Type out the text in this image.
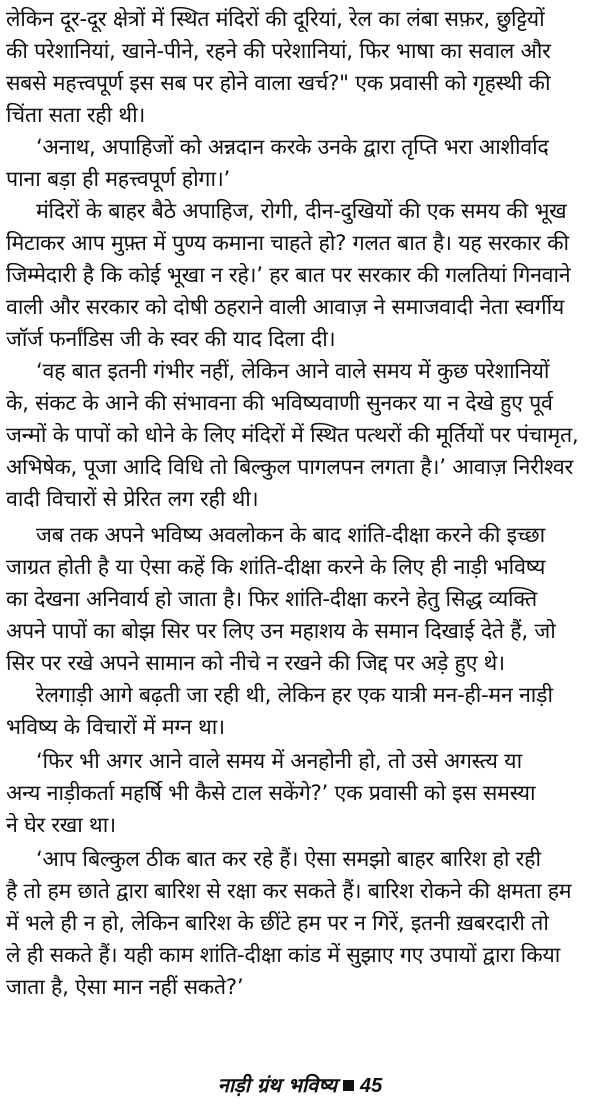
लेकिन दूर-दूर क्षेत्रों में स्थित मंदिरों की दूरियां, रेल का लंबा सफ़र, छुट्टियों
की परेशानियां, खाने-पीने, रहने की परेशानियां, फिर भाषा का सवाल और
सबसे महत्त्वपूर्ण इस सब पर होने वाला खर्च?" एक प्रवासी को गृहस्थी की
चिंता सता रही थी।
‘अनाथ, अपाहिजों को अन्नदान करके उनके द्वारा तृप्ति भरा आशीर्वाद
पाना बड़ा ही महत्त्वपूर्ण होगा।’
मंदिरों के बाहर बैठे अपाहिज, रोगी, दीन-दुखियों की एक समय की भूख
मिटाकर आप मुफ़्त में पुण्य कमाना चाहते हो? गलत बात है। यह सरकार की
जिम्मेदारी है कि कोई भूखा न रहे।’ हर बात पर सरकार की गलतियां गिनवाने
वाली और सरकार को दोषी ठहराने वाली आवाज़ ने समाजवादी नेता स्वर्गीय
जॉर्ज फर्नांडिस जी के स्वर की याद दिला दी।
‘वह बात इतनी गंभीर नहीं, लेकिन आने वाले समय में कुछ परेशानियों
के, संकट के आने की संभावना की भविष्यवाणी सुनकर या न देखे हुए पूर्व
जन्मों के पापों को धोने के लिए मंदिरों में स्थित पत्थरों की मूर्तियों पर पंचामृत,
अभिषेक, पूजा आदि विधि तो बिल्कुल पागलपन लगता है।’ आवाज़ निरीश्वर
वादी विचारों से प्रेरित लग रही थी।
जब तक अपने भविष्य अवलोकन के बाद शांति-दीक्षा करने की इच्छा
जाग्रत होती है या ऐसा कहें कि शांति-दीक्षा करने के लिए ही नाड़ी भविष्य
का देखना अनिवार्य हो जाता है। फिर शांति-दीक्षा करने हेतु सिद्ध व्यक्ति
अपने पापों का बोझ सिर पर लिए उन महाशय के समान दिखाई देते हैं, जो
सिर पर रखे अपने सामान को नीचे न रखने की जिद्द पर अड़े हुए थे।
रेलगाड़ी आगे बढ़ती जा रही थी, लेकिन हर एक यात्री मन-ही-मन नाड़ी
भविष्य के विचारों में मग्न था।
‘फिर भी अगर आने वाले समय में अनहोनी हो, तो उसे अगस्त्य या
अन्य नाड़ीकर्ता महर्षि भी कैसे टाल सकेंगे?’ एक प्रवासी को इस समस्या
ने घेर रखा था।
‘आप बिल्कुल ठीक बात कर रहे हैं। ऐसा समझो बाहर बारिश हो रही
है तो हम छाते द्वारा बारिश से रक्षा कर सकते हैं। बारिश रोकने की क्षमता हम
में भले ही न हो, लेकिन बारिश के छींटे हम पर न गिरें, इतनी ख़बरदारी तो
ले ही सकते हैं। यही काम शांति-दीक्षा कांड में सुझाए गए उपायों द्वारा किया
जाता है, ऐसा मान नहीं सकते?’
नाड़ी ग्रंथ भविष्य 45
